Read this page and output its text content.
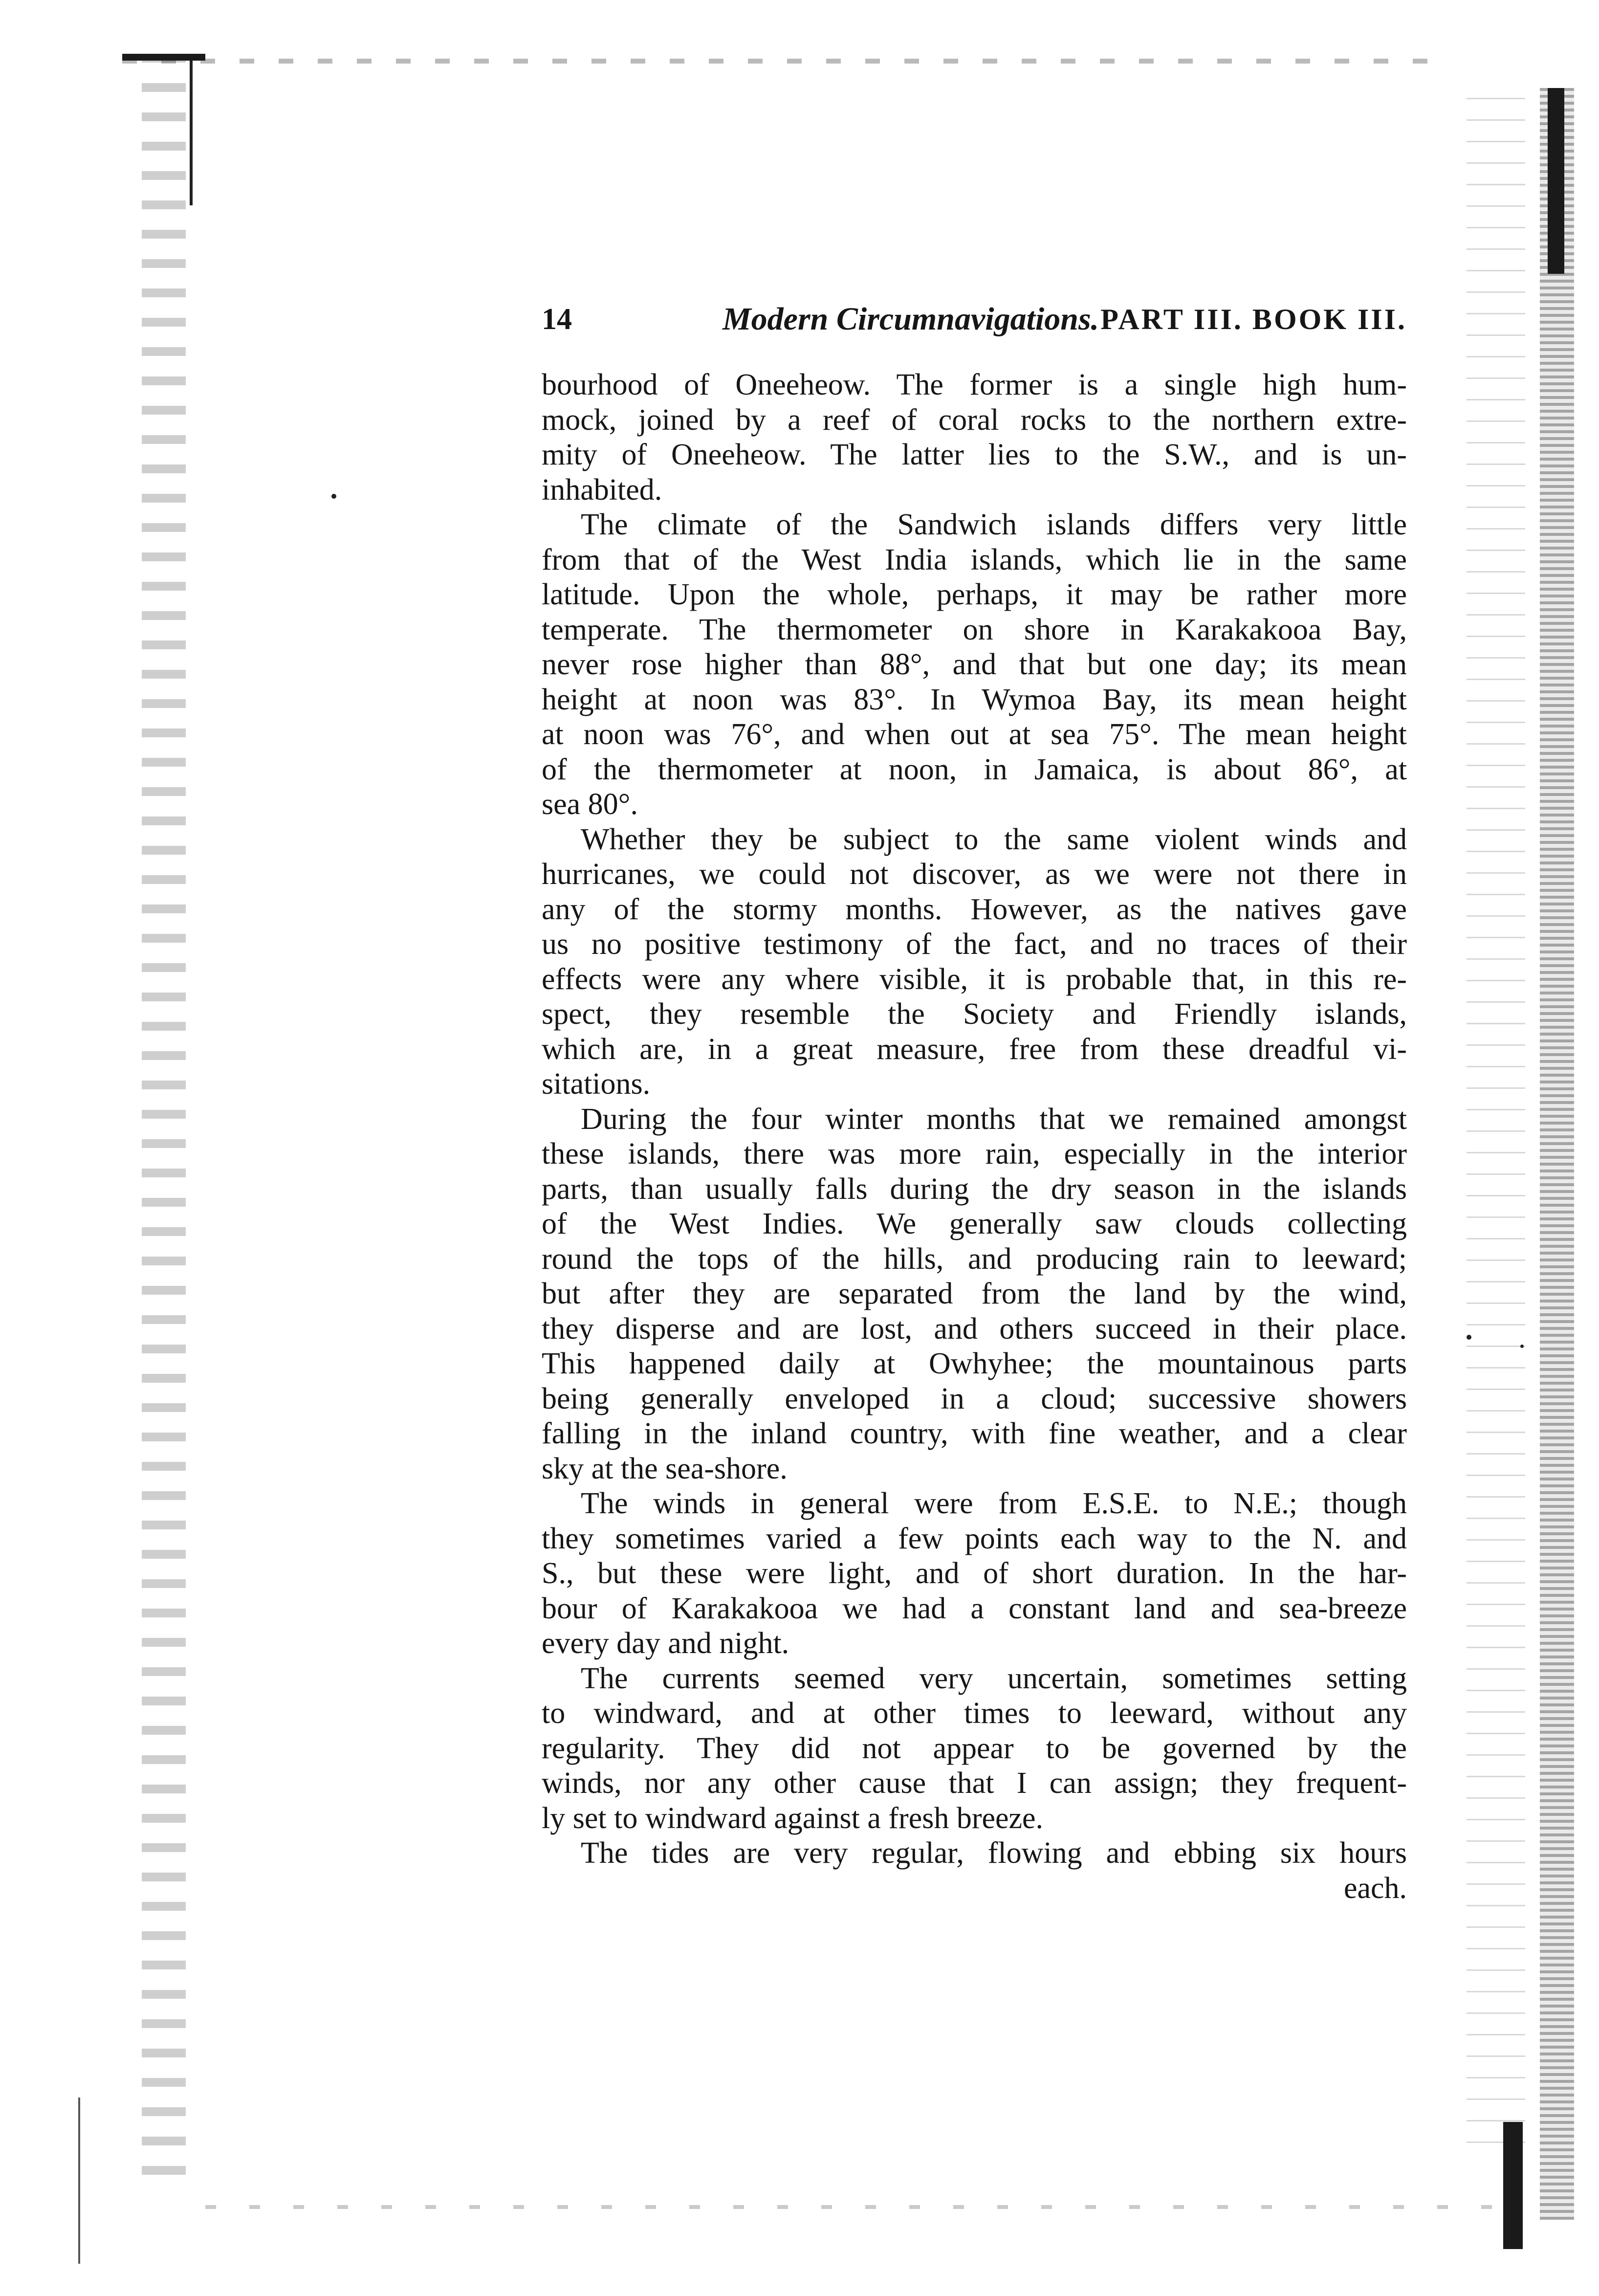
14	Modern Circumnavigations. PART III. BOOK III.
bourhood of Oneeheow. The former is a single high hum-
mock, joined by a reef of coral rocks to the northern extre-
mity of Oneeheow. The latter lies to the S.W., and is un-
inhabited.
The climate of the Sandwich islands differs very little
from that of the West India islands, which lie in the same
latitude. Upon the whole, perhaps, it may be rather more
temperate. The thermometer on shore in Karakakooa Bay,
never rose higher than 88°, and that but one day; its mean
height at noon was 83°. In Wymoa Bay, its mean height
at noon was 76°, and when out at sea 75°. The mean height
of the thermometer at noon, in Jamaica, is about 86°, at
sea 80°.
Whether they be subject to the same violent winds and
hurricanes, we could not discover, as we were not there in
any of the stormy months. However, as the natives gave
us no positive testimony of the fact, and no traces of their
effects were any where visible, it is probable that, in this re-
spect, they resemble the Society and Friendly islands,
which are, in a great measure, free from these dreadful vi-
sitations.
During the four winter months that we remained amongst
these islands, there was more rain, especially in the interior
parts, than usually falls during the dry season in the islands
of the West Indies. We generally saw clouds collecting
round the tops of the hills, and producing rain to leeward;
but after they are separated from the land by the wind,
they disperse and are lost, and others succeed in their place.
This happened daily at Owhyhee; the mountainous parts
being generally enveloped in a cloud; successive showers
falling in the inland country, with fine weather, and a clear
sky at the sea-shore.
The winds in general were from E.S.E. to N.E.; though
they sometimes varied a few points each way to the N. and
S., but these were light, and of short duration. In the har-
bour of Karakakooa we had a constant land and sea-breeze
every day and night.
The currents seemed very uncertain, sometimes setting
to windward, and at other times to leeward, without any
regularity. They did not appear to be governed by the
winds, nor any other cause that I can assign; they frequent-
ly set to windward against a fresh breeze.
The tides are very regular, flowing and ebbing six hours
each.
